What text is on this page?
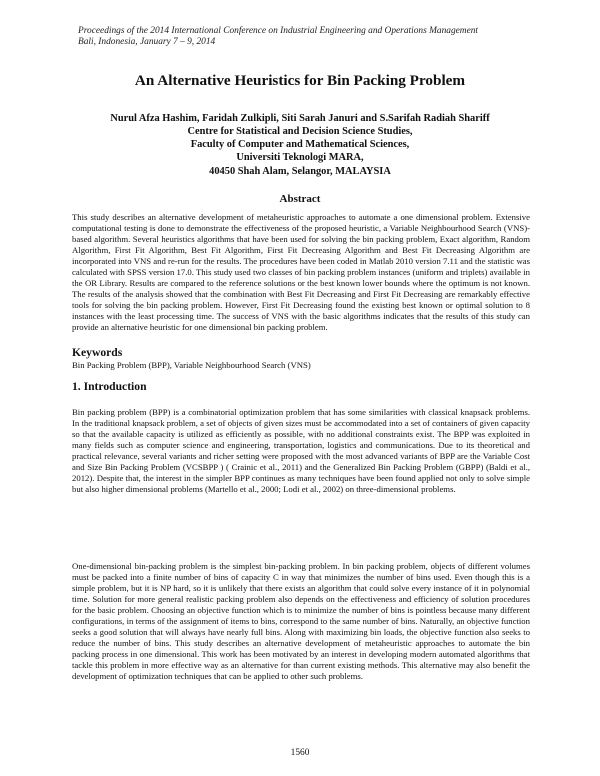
Proceedings of the 2014 International Conference on Industrial Engineering and Operations Management
Bali, Indonesia, January 7 – 9, 2014
An Alternative Heuristics for Bin Packing Problem
Nurul Afza Hashim, Faridah Zulkipli, Siti Sarah Januri and S.Sarifah Radiah Shariff
Centre for Statistical and Decision Science Studies,
Faculty of Computer and Mathematical Sciences,
Universiti Teknologi MARA,
40450 Shah Alam, Selangor, MALAYSIA
Abstract

This study describes an alternative development of metaheuristic approaches to automate a one dimensional problem. Extensive computational testing is done to demonstrate the effectiveness of the proposed heuristic, a Variable Neighbourhood Search (VNS)-based algorithm. Several heuristics algorithms that have been used for solving the bin packing problem, Exact algorithm, Random Algorithm, First Fit Algorithm, Best Fit Algorithm, First Fit Decreasing Algorithm and Best Fit Decreasing Algorithm are incorporated into VNS and re-run for the results. The procedures have been coded in Matlab 2010 version 7.11 and the statistic was calculated with SPSS version 17.0. This study used two classes of bin packing problem instances (uniform and triplets) available in the OR Library. Results are compared to the reference solutions or the best known lower bounds where the optimum is not known. The results of the analysis showed that the combination with Best Fit Decreasing and First Fit Decreasing are remarkably effective tools for solving the bin packing problem. However, First Fit Decreasing found the existing best known or optimal solution to 8 instances with the least processing time. The success of VNS with the basic algorithms indicates that the results of this study can provide an alternative heuristic for one dimensional bin packing problem.

Keywords
Bin Packing Problem (BPP), Variable Neighbourhood Search (VNS)
1. Introduction

Bin packing problem (BPP) is a combinatorial optimization problem that has some similarities with classical knapsack problems. In the traditional knapsack problem, a set of objects of given sizes must be accommodated into a set of containers of given capacity so that the available capacity is utilized as efficiently as possible, with no additional constraints exist. The BPP was exploited in many fields such as computer science and engineering, transportation, logistics and communications. Due to its theoretical and practical relevance, several variants and richer setting were proposed with the most advanced variants of BPP are the Variable Cost and Size Bin Packing Problem (VCSBPP ) ( Crainic et al., 2011) and the Generalized Bin Packing Problem (GBPP) (Baldi et al., 2012). Despite that, the interest in the simpler BPP continues as many techniques have been found applied not only to solve simple but also higher dimensional problems (Martello et al., 2000; Lodi et al., 2002) on three-dimensional problems.

One-dimensional bin-packing problem is the simplest bin-packing problem. In bin packing problem, objects of different volumes must be packed into a finite number of bins of capacity C in way that minimizes the number of bins used. Even though this is a simple problem, but it is NP hard, so it is unlikely that there exists an algorithm that could solve every instance of it in polynomial time. Solution for more general realistic packing problem also depends on the effectiveness and efficiency of solution procedures for the basic problem. Choosing an objective function which is to minimize the number of bins is pointless because many different configurations, in terms of the assignment of items to bins, correspond to the same number of bins. Naturally, an objective function seeks a good solution that will always have nearly full bins. Along with maximizing bin loads, the objective function also seeks to reduce the number of bins. This study describes an alternative development of metaheuristic approaches to automate the bin packing process in one dimensional. This work has been motivated by an interest in developing modern automated algorithms that tackle this problem in more effective way as an alternative for than current existing methods. This alternative may also benefit the development of optimization techniques that can be applied to other such problems.

1560
